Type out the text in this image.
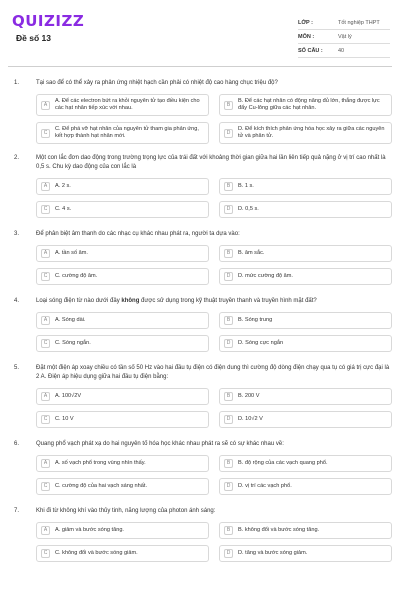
QUIZIZZ
Đề số 13
LỚP :	Tốt nghiệp THPT
MÔN :	Vật lý
SỐ CÂU :	40
1.	Tại sao để có thể xảy ra phản ứng nhiệt hạch cần phải có nhiệt độ cao hàng chục triệu độ?
A
A. Để các electron bứt ra khỏi nguyên tử tạo điều kiện cho các hạt nhân tiếp xúc với nhau.
B
B. Để các hạt nhân có động năng đủ lớn, thắng được lực đẩy Cu-lông giữa các hạt nhân.
C
C. Để phá vỡ hạt nhân của nguyên tử tham gia phản ứng, kết hợp thành hạt nhân mới.
D
D. Để kích thích phản ứng hóa học xảy ra giữa các nguyên tử và phân tử.
2.	Một con lắc đơn dao động trong trường trọng lực của trái đất với khoảng thời gian giữa hai lần liên tiếp quả nặng ở vị trí cao nhất là 0,5 s. Chu kỳ dao động của con lắc là
A	A. 2 s.	B	B. 1 s.
C	C. 4 s.	D	D. 0,5 s.
3.	Để phân biệt âm thanh do các nhạc cụ khác nhau phát ra, người ta dựa vào:
A	A. tần số âm.	B	B. âm sắc.
C	C. cường độ âm.	D	D. mức cường độ âm.
4.	Loại sóng điện từ nào dưới đây không được sử dụng trong kỹ thuật truyền thanh và truyền hình mặt đất?
A	A. Sóng dài.	B	B. Sóng trung
C	C. Sóng ngắn.	D	D. Sóng cực ngắn
5.	Đặt một điện áp xoay chiều có tần số 50 Hz vào hai đầu tụ điện có điện dung thì cường độ dòng điện chạy qua tụ có giá trị cực đại là 2 A. Điện áp hiệu dụng giữa hai đầu tụ điện bằng:
A	A. 100√2V	B	B. 200 V
C	C. 10 V	D	D. 10√2 V
6.	Quang phổ vạch phát xạ do hai nguyên tố hóa học khác nhau phát ra sẽ có sự khác nhau về:
A	A. số vạch phổ trong vùng nhìn thấy.	B	B. độ rộng của các vạch quang phổ.
C	C. cường độ của hai vạch sáng nhất.	D	D. vị trí các vạch phổ.
7.	Khi đi từ không khí vào thủy tinh, năng lượng của photon ánh sáng:
A	A. giảm và bước sóng tăng.	B	B. không đổi và bước sóng tăng.
C	C. không đổi và bước sóng giảm.	D	D. tăng và bước sóng giảm.
